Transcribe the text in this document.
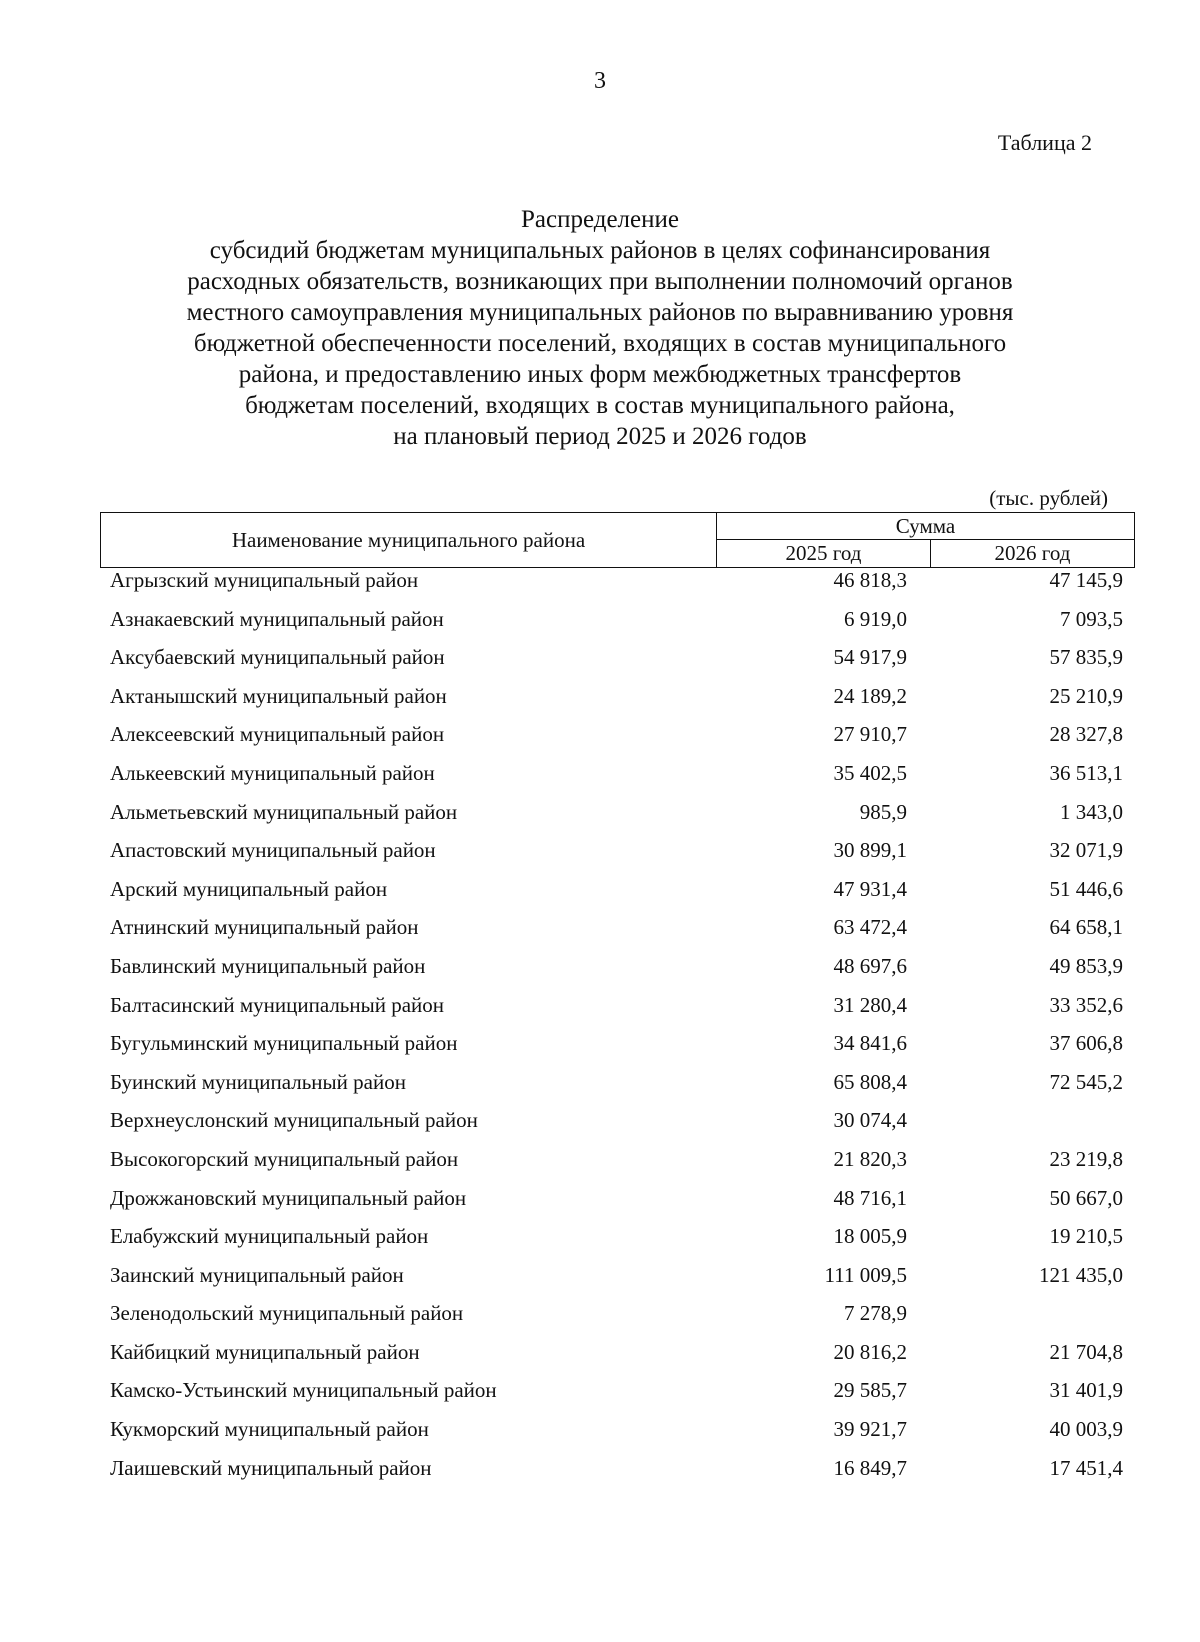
3
Таблица 2
Распределение
субсидий бюджетам муниципальных районов в целях софинансирования
расходных обязательств, возникающих при выполнении полномочий органов
местного самоуправления муниципальных районов по выравниванию уровня
бюджетной обеспеченности поселений, входящих в состав муниципального
района, и предоставлению иных форм межбюджетных трансфертов
бюджетам поселений, входящих в состав муниципального района,
на плановый период 2025 и 2026 годов
(тыс. рублей)
Наименование муниципального района
Сумма
2025 год	2026 год
Агрызский муниципальный район	46 818,3	47 145,9
Азнакаевский муниципальный район	6 919,0	7 093,5
Аксубаевский муниципальный район	54 917,9	57 835,9
Актанышский муниципальный район	24 189,2	25 210,9
Алексеевский муниципальный район	27 910,7	28 327,8
Алькеевский муниципальный район	35 402,5	36 513,1
Альметьевский муниципальный район	985,9	1 343,0
Апастовский муниципальный район	30 899,1	32 071,9
Арский муниципальный район	47 931,4	51 446,6
Атнинский муниципальный район	63 472,4	64 658,1
Бавлинский муниципальный район	48 697,6	49 853,9
Балтасинский муниципальный район	31 280,4	33 352,6
Бугульминский муниципальный район	34 841,6	37 606,8
Буинский муниципальный район	65 808,4	72 545,2
Верхнеуслонский муниципальный район	30 074,4
Высокогорский муниципальный район	21 820,3	23 219,8
Дрожжановский муниципальный район	48 716,1	50 667,0
Елабужский муниципальный район	18 005,9	19 210,5
Заинский муниципальный район	111 009,5	121 435,0
Зеленодольский муниципальный район	7 278,9
Кайбицкий муниципальный район	20 816,2	21 704,8
Камско-Устьинский муниципальный район	29 585,7	31 401,9
Кукморский муниципальный район	39 921,7	40 003,9
Лаишевский муниципальный район	16 849,7	17 451,4
